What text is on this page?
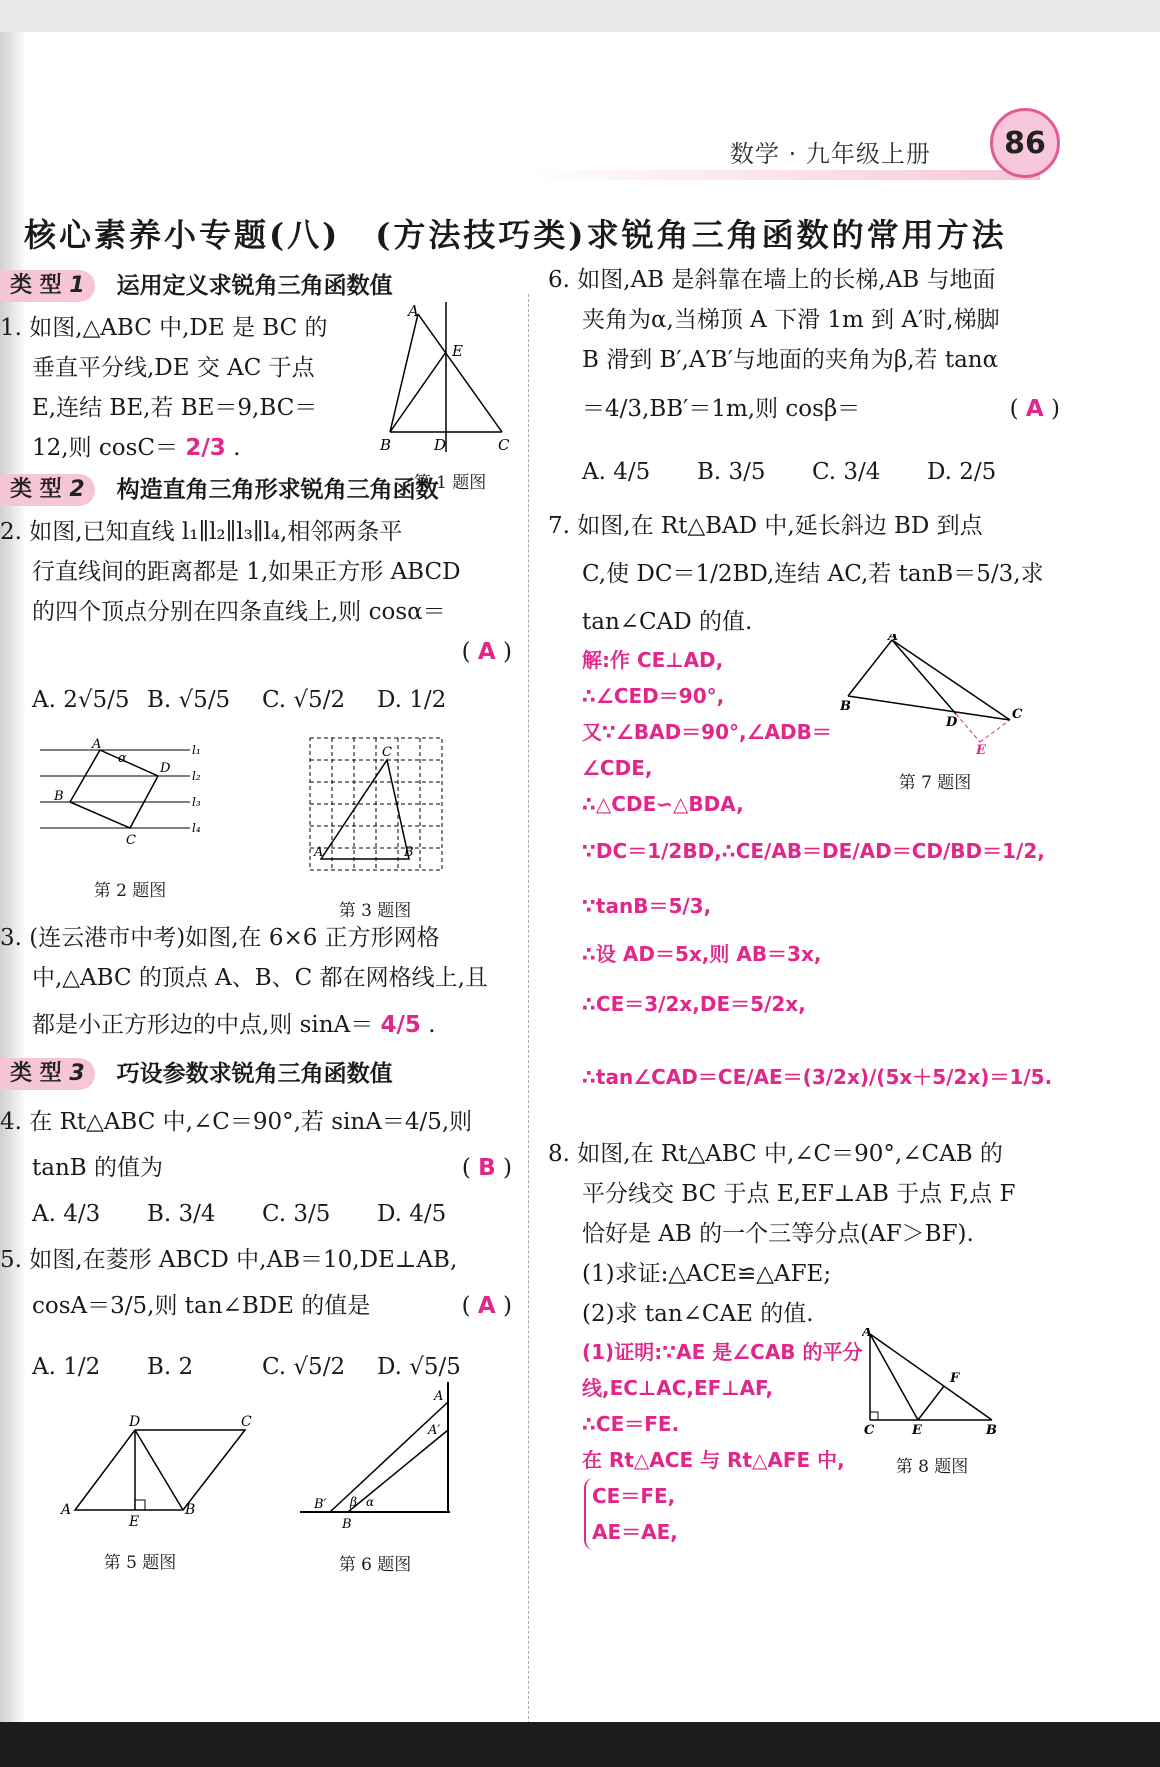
数学 · 九年级上册	86
核心素养小专题(八)　(方法技巧类)求锐角三角函数的常用方法
类 型 1	运用定义求锐角三角函数值

1. 如图,△ABC 中,DE 是 BC 的

垂直平分线,DE 交 AC 于点

E,连结 BE,若 BE＝9,BC＝

12,则 cosC＝ 2/3 .

A
E
B	D	C
第 1 题图
类 型 2	构造直角三角形求锐角三角函数

2. 如图,已知直线 l₁∥l₂∥l₃∥l₄,相邻两条平

行直线间的距离都是 1,如果正方形 ABCD

的四个顶点分别在四条直线上,则 cosα＝

( A )

A. 2√5/5 B. √5/5	C. √5/2	D. 1/2
A
D
B
C
α
l₁
l₂
l₃
l₄
第 2 题图
C
A	B
第 3 题图

3. (连云港市中考)如图,在 6×6 正方形网格

中,△ABC 的顶点 A、B、C 都在网格线上,且

都是小正方形边的中点,则 sinA＝ 4/5 .

类 型 3	巧设参数求锐角三角函数值

4. 在 Rt△ABC 中,∠C＝90°,若 sinA＝4/5,则

tanB 的值为	( B )

A. 4/3	B. 3/4	C. 3/5	D. 4/5

5. 如图,在菱形 ABCD 中,AB＝10,DE⊥AB,

cosA＝3/5,则 tan∠BDE 的值是	( A )

A. 1/2	B. 2	C. √5/2	D. √5/5
D	C
A
E
B
第 5 题图
A
A′
B′
B
β α
第 6 题图

6. 如图,AB 是斜靠在墙上的长梯,AB 与地面

夹角为α,当梯顶 A 下滑 1m 到 A′时,梯脚

B 滑到 B′,A′B′与地面的夹角为β,若 tanα

＝4/3,BB′＝1m,则 cosβ＝	( A )

A. 4/5	B. 3/5	C. 3/4	D. 2/5

7. 如图,在 Rt△BAD 中,延长斜边 BD 到点

C,使 DC＝1/2BD,连结 AC,若 tanB＝5/3,求

tan∠CAD 的值.

解:作 CE⊥AD,

∴∠CED＝90°,

又∵∠BAD＝90°,∠ADB＝

∠CDE,

∴△CDE∽△BDA,

∵DC＝1/2BD,∴CE/AB＝DE/AD＝CD/BD＝1/2,

∵tanB＝5/3,

∴设 AD＝5x,则 AB＝3x,

∴CE＝3/2x,DE＝5/2x,

∴tan∠CAD＝CE/AE＝(3/2x)/(5x＋5/2x)＝1/5.

A
B
D
C
E
第 7 题图

8. 如图,在 Rt△ABC 中,∠C＝90°,∠CAB 的

平分线交 BC 于点 E,EF⊥AB 于点 F,点 F

恰好是 AB 的一个三等分点(AF＞BF).

(1)求证:△ACE≌△AFE;

(2)求 tan∠CAE 的值.

(1)证明:∵AE 是∠CAB 的平分

线,EC⊥AC,EF⊥AF,

∴CE＝FE.

在 Rt△ACE 与 Rt△AFE 中,

CE＝FE,

AE＝AE,

A
F
C	E	B
第 8 题图
